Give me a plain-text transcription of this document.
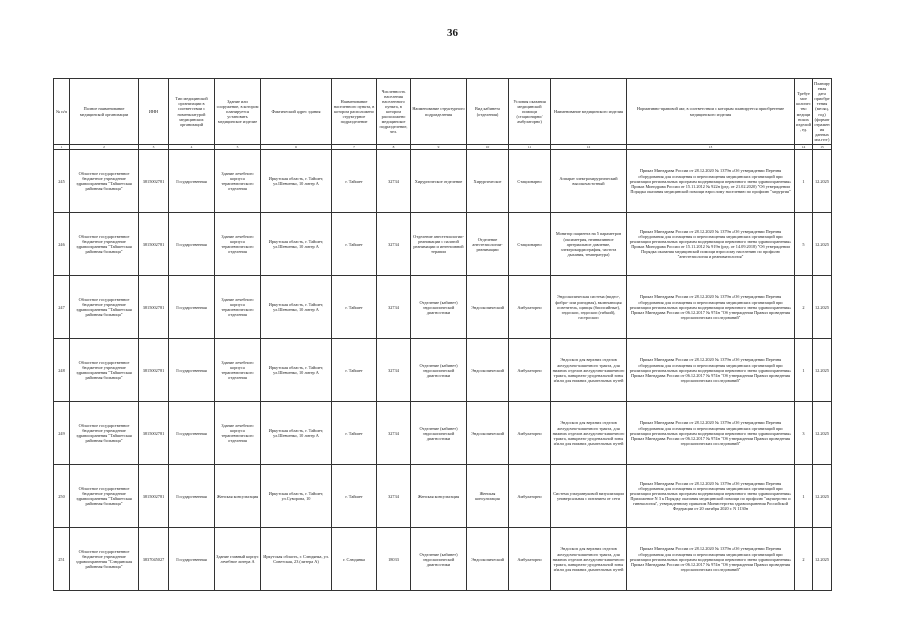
36
№ п/п	Полное наименование медицинской организации	ИНН	Тип медицинской организации в соответствии с номенклатурой медицинских организаций	Здание или сооружение, в котором планируется установить медицинское изделие	Фактический адрес здания	Наименование населенного пункта, в котором расположено структурное подразделение	Численность населения населенного пункта, в котором расположено медицинское подразделение, чел.	Наименование структурного подразделения	Вид кабинета (отделения)	Условия оказания медицинской помощи (стационарно/амбулаторно)	Наименование медицинского изделия	Нормативно-правовой акт, в соответствии с которым планируется приобретение медицинского изделия	Требуемое количество медицинских изделий, ед.	Планируемая дата приобретения (месяц, год) (формат отражения данных мм.гггг)
1	2	3	4	5	6	7	8	9	10	11	12	13	14	15
245	Областное государственное бюджетное учреждение здравоохранения "Тайшетская районная больница"	3815002781	Государственная	Здание лечебного корпуса терапевтического отделения	Иркутская область, г. Тайшет, ул.Шевченко, 10 литер А	г. Тайшет	32734	Хирургическое отделение	Хирургическое	Стационарно	Аппарат электрохирургический высокочастотный	Приказ Минздрава России от 28.12.2020 № 1379н «Об утверждении Перечня оборудования для оснащения и переоснащения медицинских организаций при реализации региональных программ модернизации первичного звена здравоохранения» Приказ Минздрава России от 15.11.2012 № 922н (ред. от 21.02.2020) "Об утверждении Порядка оказания медицинской помощи взрослому населению по профилю "хирургия"	1	12.2025
246	Областное государственное бюджетное учреждение здравоохранения "Тайшетская районная больница"	3815002781	Государственная	Здание лечебного корпуса терапевтического отделения	Иркутская область, г. Тайшет, ул.Шевченко, 10 литер А	г. Тайшет	32734	Отделение анестезиологии-реанимации с палатой реанимации и интенсивной терапии	Отделение анестезиологии-реанимации	Стационарно	Монитор пациента на 5 параметров (оксиметрия, неинвазивное артериальное давление, электрокардиография, частота дыхания, температура)	Приказ Минздрава России от 28.12.2020 № 1379н «Об утверждении Перечня оборудования для оснащения и переоснащения медицинских организаций при реализации региональных программ модернизации первичного звена здравоохранения» Приказ Минздрава России от 15.11.2012 № 919н (ред. от 14.09.2018) "Об утверждении Порядка оказания медицинской помощи взрослому населению по профилю "анестезиология и реаниматология"	5	12.2025
247	Областное государственное бюджетное учреждение здравоохранения "Тайшетская районная больница"	3815002781	Государственная	Здание лечебного корпуса терапевтического отделения	Иркутская область, г. Тайшет, ул.Шевченко, 10 литер А	г. Тайшет	32734	Отделение (кабинет) эндоскопической диагностики	Эндоскопический	Амбулаторно	Эндоскопическая система (видео-, фибро- или ригидная), включающая осветитель, щипцы (биопсийные), эндоскоп, эндоскоп (гибкий), гастроскоп	Приказ Минздрава России от 28.12.2020 № 1379н «Об утверждении Перечня оборудования для оснащения и переоснащения медицинских организаций при реализации региональных программ модернизации первичного звена здравоохранения» Приказ Минздрава России от 06.12.2017 № 974н "Об утверждении Правил проведения эндоскопических исследований"	2	12.2025
248	Областное государственное бюджетное учреждение здравоохранения "Тайшетская районная больница"	3815002781	Государственная	Здание лечебного корпуса терапевтического отделения	Иркутская область, г. Тайшет, ул.Шевченко, 10 литер А	г. Тайшет	32734	Отделение (кабинет) эндоскопической диагностики	Эндоскопический	Амбулаторно	Эндоскоп для верхних отделов желудочно-кишечного тракта, для нижних отделов желудочно-кишечного тракта, панкреато-дуоденальной зоны и/или для нижних дыхательных путей	Приказ Минздрава России от 28.12.2020 № 1379н «Об утверждении Перечня оборудования для оснащения и переоснащения медицинских организаций при реализации региональных программ модернизации первичного звена здравоохранения» Приказ Минздрава России от 06.12.2017 № 974н "Об утверждении Правил проведения эндоскопических исследований"	1	12.2025
249	Областное государственное бюджетное учреждение здравоохранения "Тайшетская районная больница"	3815002781	Государственная	Здание лечебного корпуса терапевтического отделения	Иркутская область, г. Тайшет, ул.Шевченко, 10 литер А	г. Тайшет	32734	Отделение (кабинет) эндоскопической диагностики	Эндоскопический	Амбулаторно	Эндоскоп для верхних отделов желудочно-кишечного тракта, для нижних отделов желудочно-кишечного тракта, панкреато-дуоденальной зоны и/или для нижних дыхательных путей	Приказ Минздрава России от 28.12.2020 № 1379н «Об утверждении Перечня оборудования для оснащения и переоснащения медицинских организаций при реализации региональных программ модернизации первичного звена здравоохранения» Приказ Минздрава России от 06.12.2017 № 974н "Об утверждении Правил проведения эндоскопических исследований"	3	12.2025
250	Областное государственное бюджетное учреждение здравоохранения "Тайшетская районная больница"	3815002781	Государственная	Женская консультация	Иркутская область, г. Тайшет, ул.Суворова, 10	г. Тайшет	32734	Женская консультация	Женская консультация	Амбулаторно	Система ультразвуковой визуализации универсальная с питанием от сети	Приказ Минздрава России от 28.12.2020 № 1379н «Об утверждении Перечня оборудования для оснащения и переоснащения медицинских организаций при реализации региональных программ модернизации первичного звена здравоохранения» Приложение N 3 к Порядку оказания медицинской помощи по профилю "акушерство и гинекология", утвержденному приказом Министерства здравоохранения Российской Федерации от 20 октября 2020 г. N 1130н	1	12.2025
251	Областное государственное бюджетное учреждение здравоохранения "Слюдянская районная больница"	3837045027	Государственная	Здание главный корпус лечебное литера А	Иркутская область, г. Слюдянка, ул. Советская, 23 (литера А)	г. Слюдянка	18033	Отделение (кабинет) эндоскопической диагностики	Эндоскопический	Амбулаторно	Эндоскоп для верхних отделов желудочно-кишечного тракта, для нижних отделов желудочно-кишечного тракта, панкреато-дуоденальной зоны и/или для нижних дыхательных путей	Приказ Минздрава России от 28.12.2020 № 1379н «Об утверждении Перечня оборудования для оснащения и переоснащения медицинских организаций при реализации региональных программ модернизации первичного звена здравоохранения» Приказ Минздрава России от 06.12.2017 № 974н "Об утверждении Правил проведения эндоскопических исследований"	2	12.2025
